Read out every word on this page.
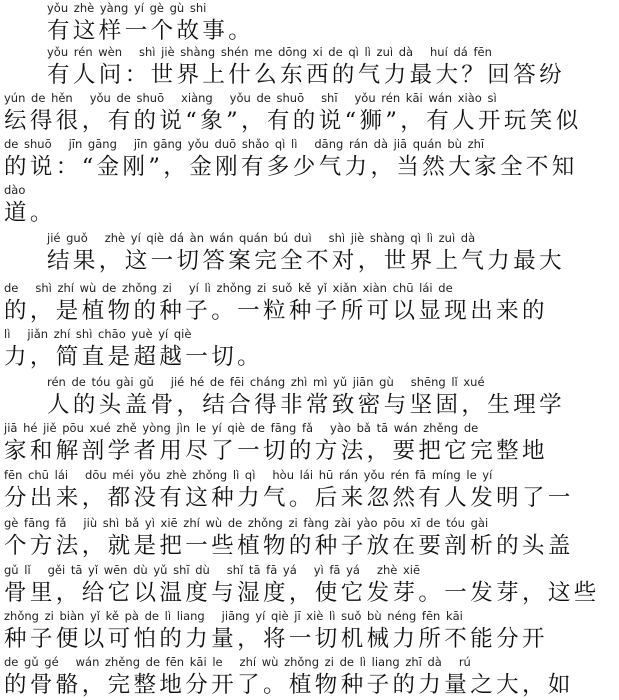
yǒu zhè yàng yí gè gù shi
有这样一个故事。
yǒu rén wèn   shì jiè shàng shén me dōng xi de qì lì zuì dà   huí dá fēn
有人问：世界上什么东西的气力最大？回答纷
yún de hěn   yǒu de shuō   xiàng   yǒu de shuō   shī   yǒu rén kāi wán xiào sì
纭得很，有的说“象”，有的说“狮”，有人开玩笑似
de shuō   jīn gāng   jīn gāng yǒu duō shǎo qì lì   dāng rán dà jiā quán bù zhī
的说：“金刚”，金刚有多少气力，当然大家全不知
dào
道。
jié guǒ   zhè yí qiè dá àn wán quán bú duì   shì jiè shàng qì lì zuì dà
结果，这一切答案完全不对，世界上气力最大
de   shì zhí wù de zhǒng zi   yí lì zhǒng zi suǒ kě yǐ xiǎn xiàn chū lái de
的，是植物的种子。一粒种子所可以显现出来的
lì   jiǎn zhí shì chāo yuè yí qiè
力，简直是超越一切。
rén de tóu gài gǔ   jié hé de fēi cháng zhì mì yǔ jiān gù   shēng lǐ xué
人的头盖骨，结合得非常致密与坚固，生理学
jiā hé jiě pōu xué zhě yòng jìn le yí qiè de fāng fǎ   yào bǎ tā wán zhěng de
家和解剖学者用尽了一切的方法，要把它完整地
fēn chū lái   dōu méi yǒu zhè zhǒng lì qì   hòu lái hū rán yǒu rén fā míng le yí
分出来，都没有这种力气。后来忽然有人发明了一
gè fāng fǎ   jiù shì bǎ yì xiē zhí wù de zhǒng zi fàng zài yào pōu xī de tóu gài
个方法，就是把一些植物的种子放在要剖析的头盖
gǔ lǐ   gěi tā yǐ wēn dù yǔ shī dù   shǐ tā fā yá   yì fā yá   zhè xiē
骨里，给它以温度与湿度，使它发芽。一发芽，这些
zhǒng zi biàn yǐ kě pà de lì liang   jiāng yí qiè jī xiè lì suǒ bù néng fēn kāi
种子便以可怕的力量，将一切机械力所不能分开
de gǔ gé   wán zhěng de fēn kāi le   zhí wù zhǒng zi de lì liang zhī dà   rú
的骨骼，完整地分开了。植物种子的力量之大，如
